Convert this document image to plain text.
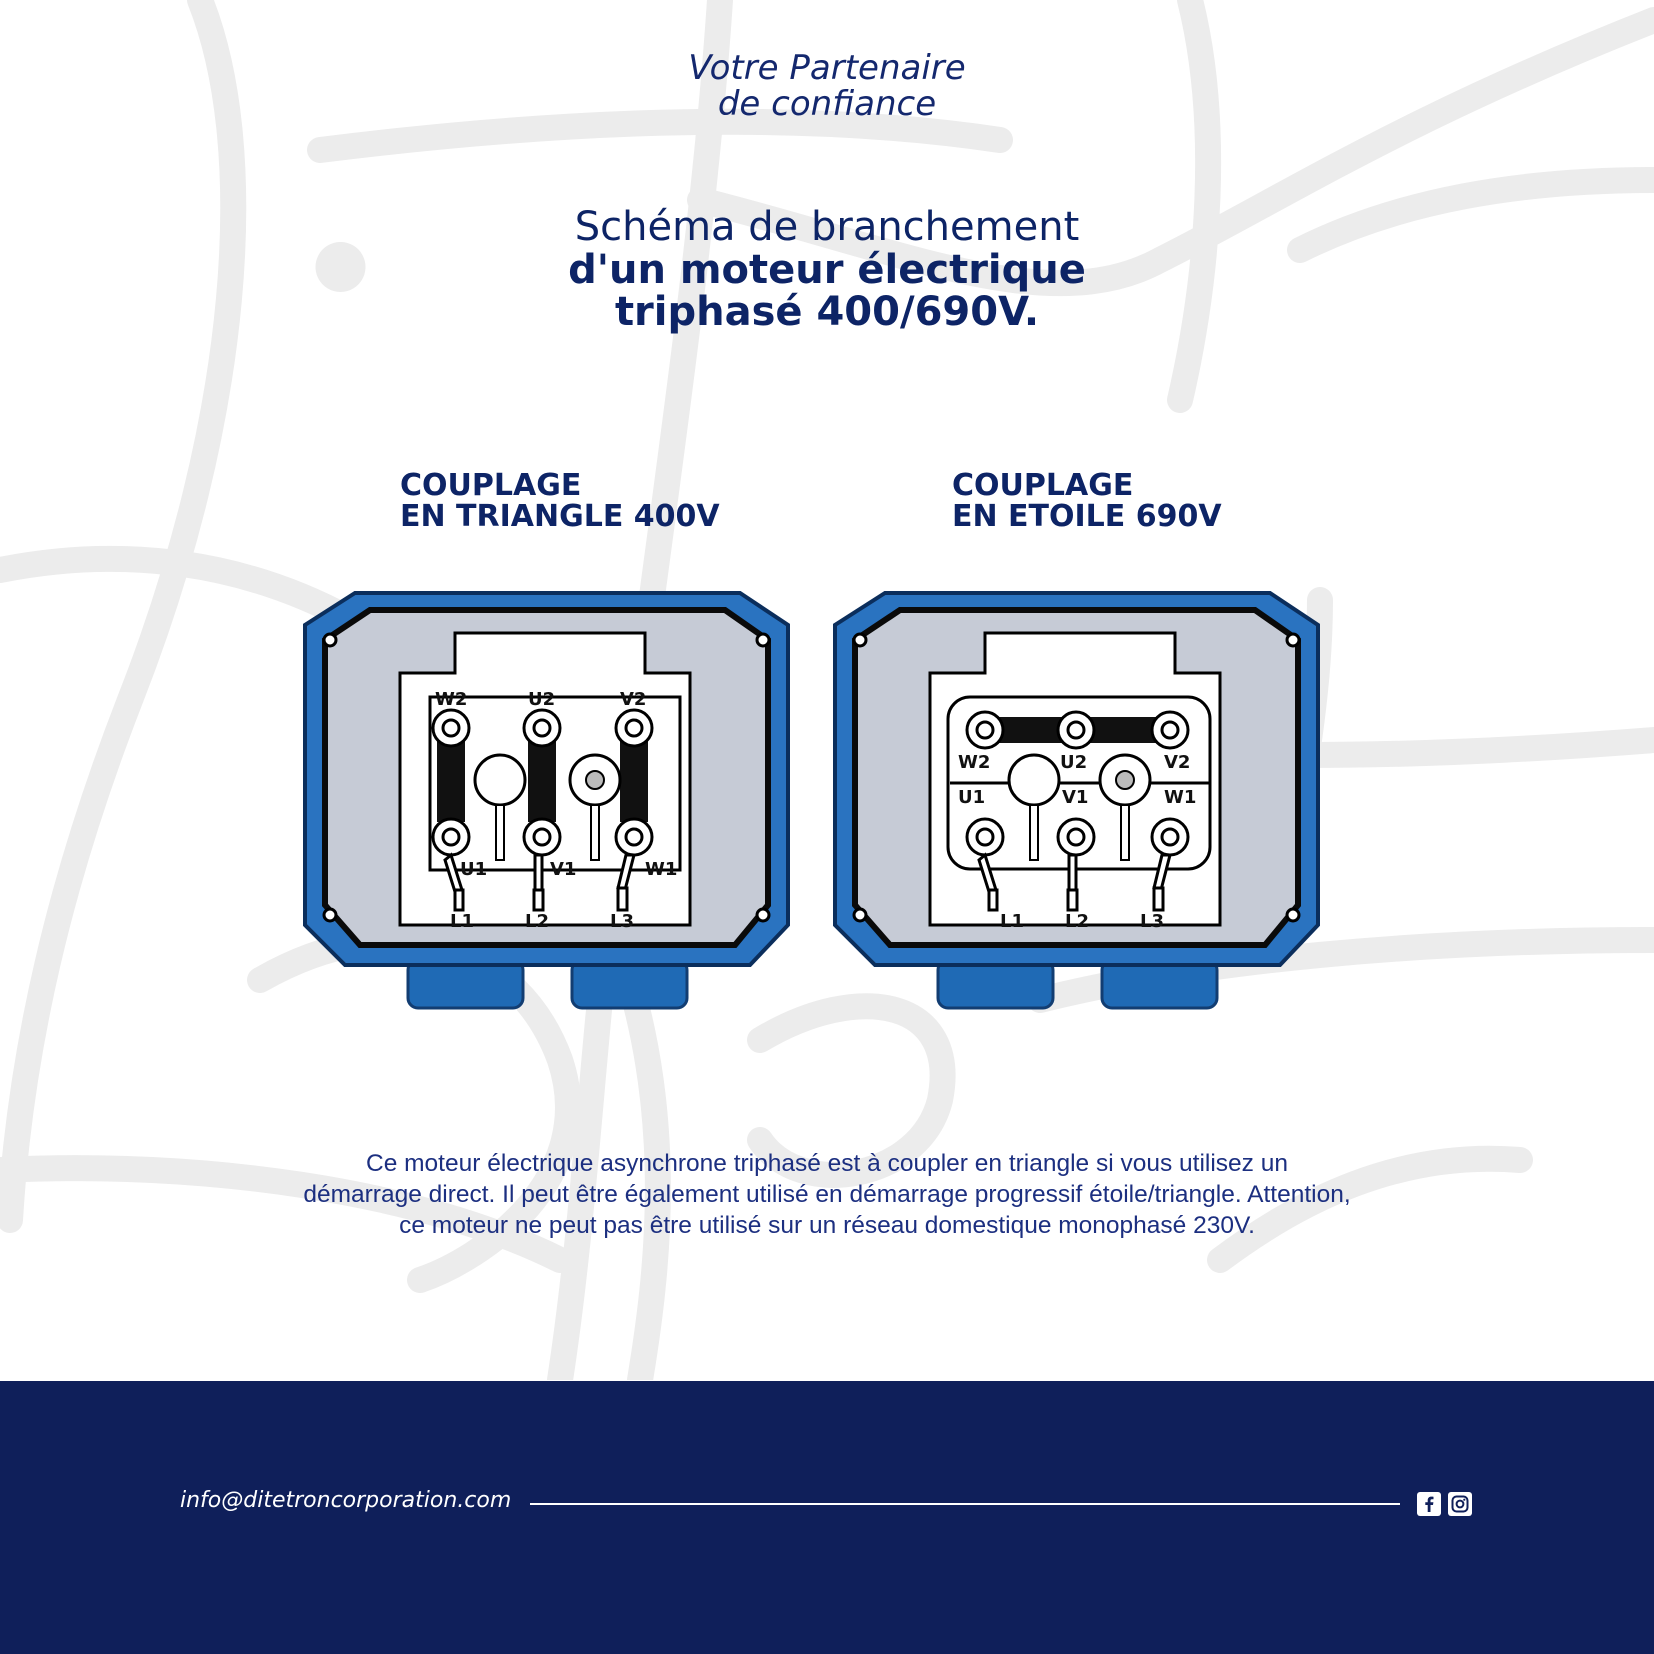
Votre Partenaire
de confiance
Schéma de branchement
d'un moteur électrique
triphasé 400/690V.
COUPLAGE
EN TRIANGLE 400V
COUPLAGE
EN ETOILE 690V
W2	U2	V2
U1	V1	W1
L1	L2	L3
W2	U2	V2
U1	V1	W1
L1 L2	L3
Ce moteur électrique asynchrone triphasé est à coupler en triangle si vous utilisez un
démarrage direct. Il peut être également utilisé en démarrage progressif étoile/triangle. Attention,
ce moteur ne peut pas être utilisé sur un réseau domestique monophasé 230V.
info@ditetroncorporation.com
